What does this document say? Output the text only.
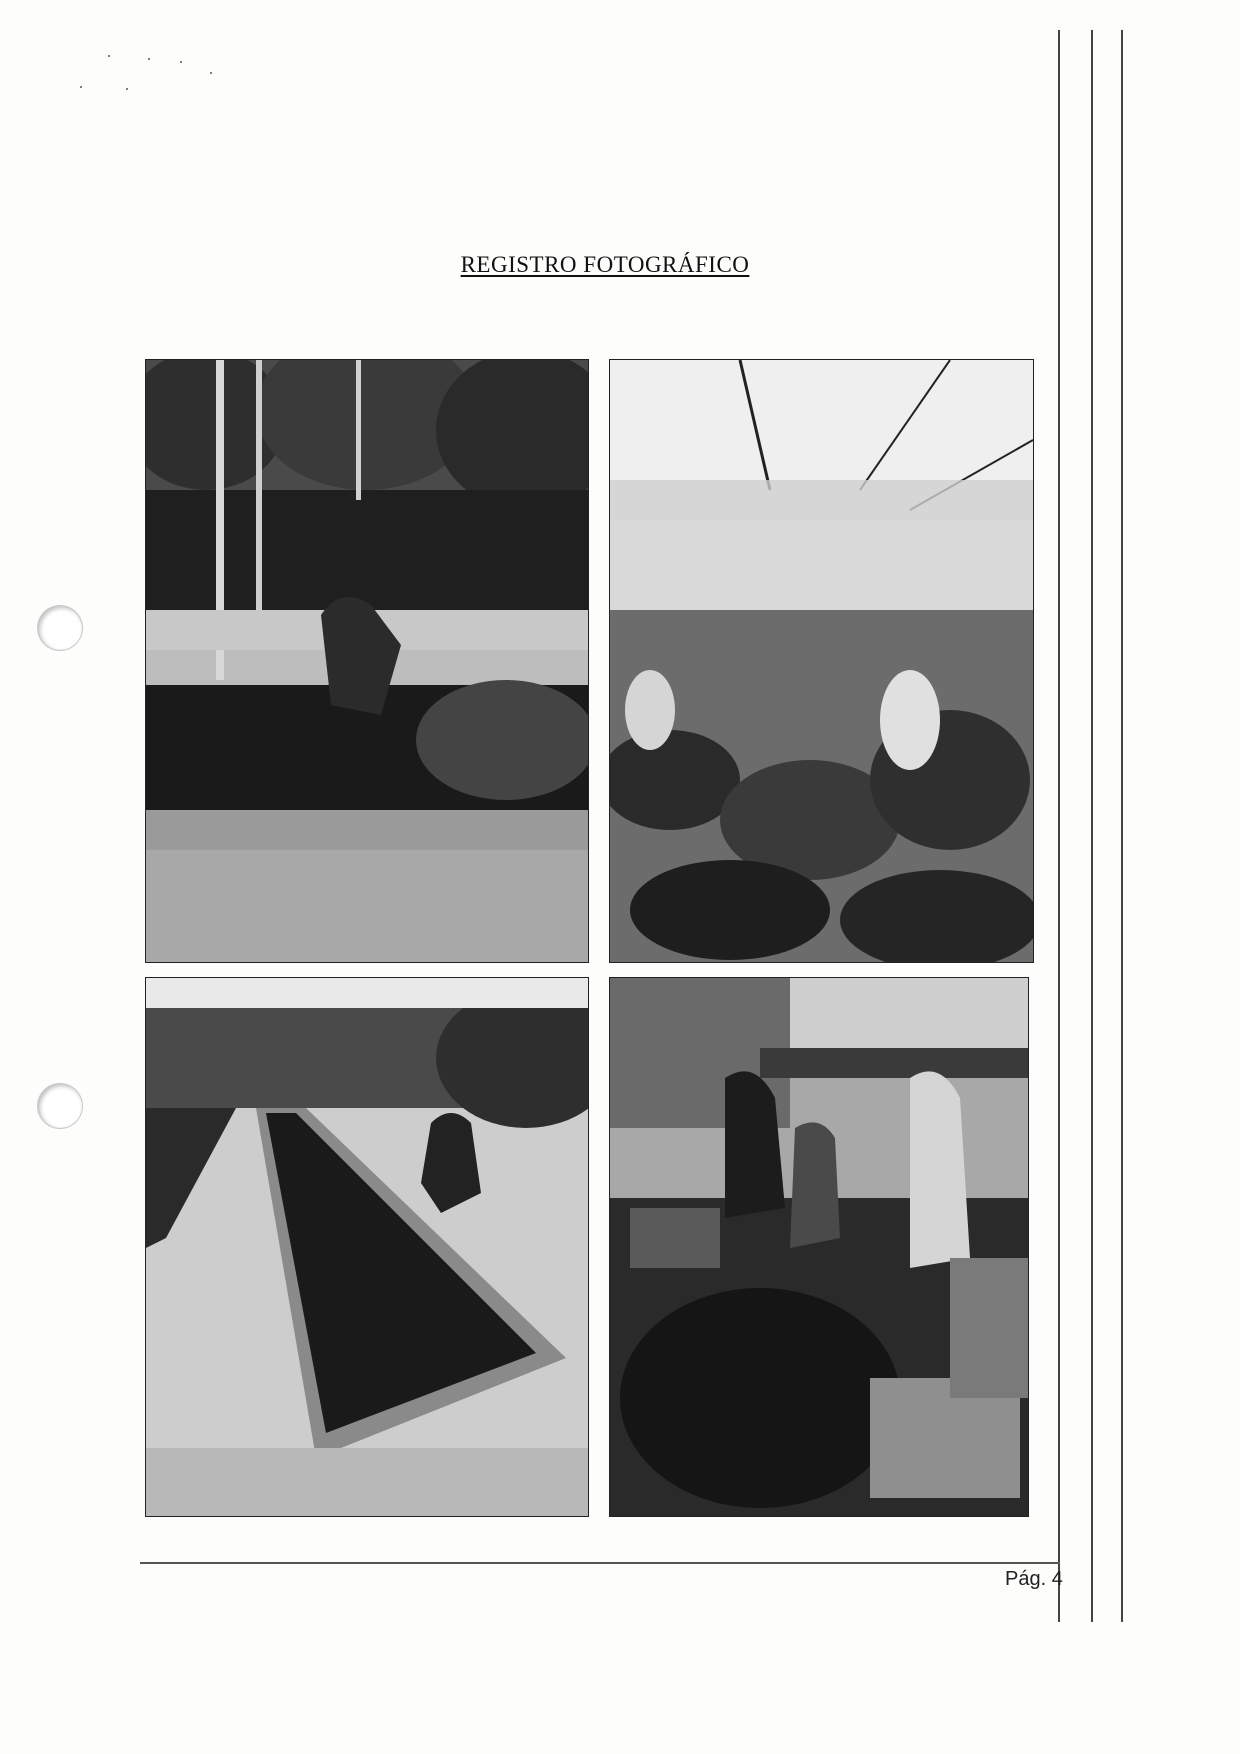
REGISTRO FOTOGRÁFICO
Pág. 4
